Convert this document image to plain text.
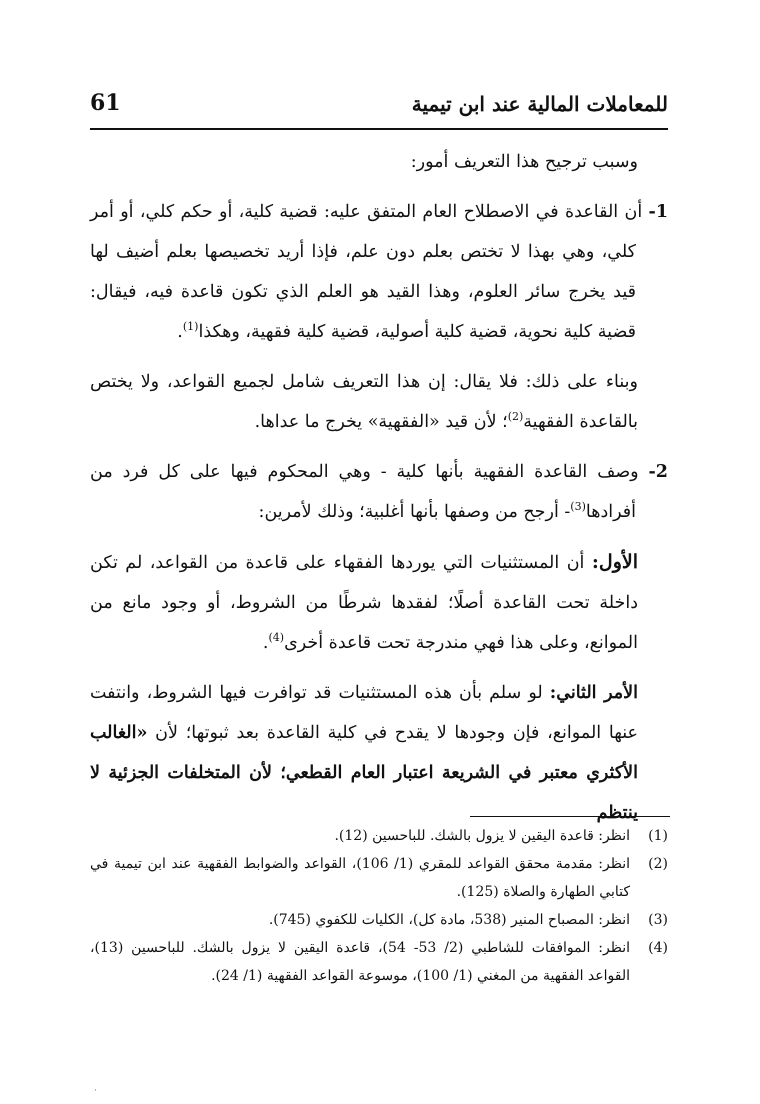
للمعاملات المالية عند ابن تيمية
61

وسبب ترجيح هذا التعريف أمور:

1- أن القاعدة في الاصطلاح العام المتفق عليه: قضية كلية، أو حكم كلي، أو أمر كلي، وهي بهذا لا تختص بعلم دون علم، فإذا أريد تخصيصها بعلم أضيف لها قيد يخرج سائر العلوم، وهذا القيد هو العلم الذي تكون قاعدة فيه، فيقال: قضية كلية نحوية، قضية كلية أصولية، قضية كلية فقهية، وهكذا$^{(1)}$.

وبناء على ذلك: فلا يقال: إن هذا التعريف شامل لجميع القواعد، ولا يختص بالقاعدة الفقهية$^{(2)}$؛ لأن قيد «الفقهية» يخرج ما عداها.

2- وصف القاعدة الفقهية بأنها كلية - وهي المحكوم فيها على كل فرد من أفرادها$^{(3)}$- أرجح من وصفها بأنها أغلبية؛ وذلك لأمرين:

الأول: أن المستثنيات التي يوردها الفقهاء على قاعدة من القواعد، لم تكن داخلة تحت القاعدة أصلًا؛ لفقدها شرطًا من الشروط، أو وجود مانع من الموانع، وعلى هذا فهي مندرجة تحت قاعدة أخرى$^{(4)}$.

الأمر الثاني: لو سلم بأن هذه المستثنيات قد توافرت فيها الشروط، وانتفت عنها الموانع، فإن وجودها لا يقدح في كلية القاعدة بعد ثبوتها؛ لأن «الغالب الأكثري معتبر في الشريعة اعتبار العام القطعي؛ لأن المتخلفات الجزئية لا ينتظم

(1)
انظر: قاعدة اليقين لا يزول بالشك. للباحسين (12).
(2)
انظر: مقدمة محقق القواعد للمقري (1/ 106)، القواعد والضوابط الفقهية عند ابن تيمية في كتابي الطهارة والصلاة (125).
(3)
انظر: المصباح المنير (538، مادة كل)، الكليات للكفوي (745).
(4)
انظر: الموافقات للشاطبي (2/ 53- 54)، قاعدة اليقين لا يزول بالشك. للباحسين (13)، القواعد الفقهية من المغني (1/ 100)، موسوعة القواعد الفقهية (1/ 24).
·
